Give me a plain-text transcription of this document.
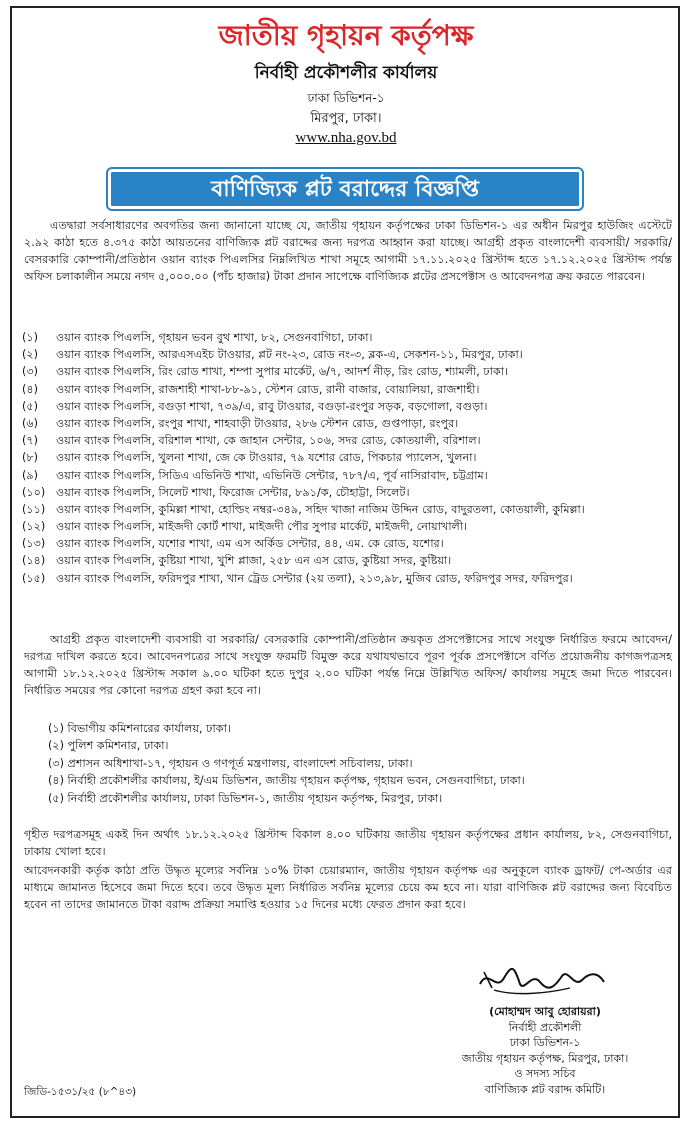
জাতীয় গৃহায়ন কর্তৃপক্ষ
নির্বাহী প্রকৌশলীর কার্যালয়
ঢাকা ডিভিশন-১
মিরপুর, ঢাকা।
www.nha.gov.bd
বাণিজ্যিক প্লট বরাদ্দের বিজ্ঞপ্তি

এতদ্বারা সর্বসাধারণের অবগতির জন্য জানানো যাচ্ছে যে, জাতীয় গৃহায়ন কর্তৃপক্ষের ঢাকা ডিভিশন-১ এর অধীন মিরপুর হাউজিং এস্টেটে ২.৯২ কাঠা হতে ৪.৩৭৫ কাঠা আয়তনের বাণিজ্যিক প্লট বরাদ্দের জন্য দরপত্র আহ্বান করা যাচ্ছে। আগ্রহী প্রকৃত বাংলাদেশী ব্যবসায়ী/ সরকারি/ বেসরকারি কোম্পানী/প্রতিষ্ঠান ওয়ান ব্যাংক পিএলসির নিম্নলিখিত শাখা সমূহে আগামী ১৭.১১.২০২৫ খ্রিস্টাব্দ হতে ১৭.১২.২০২৫ খ্রিস্টাব্দ পর্যন্ত অফিস চলাকালীন সময়ে নগদ ৫,০০০.০০ (পাঁচ হাজার) টাকা প্রদান সাপেক্ষে বাণিজ্যিক প্লটের প্রসপেক্টাস ও আবেদনপত্র ক্রয় করতে পারবেন।

(১) ওয়ান ব্যাংক পিএলসি, গৃহায়ন ভবন বুথ শাখা, ৮২, সেগুনবাগিচা, ঢাকা।
(২) ওয়ান ব্যাংক পিএলসি, আরএসএইচ টাওয়ার, প্লট নং-২৩, রোড নং-৩, ব্লক-এ, সেকশন-১১, মিরপুর, ঢাকা।
(৩) ওয়ান ব্যাংক পিএলসি, রিং রোড শাখা, শম্পা সুপার মার্কেট, ৬/৭, আদর্শ নীড়, রিং রোড, শ্যামলী, ঢাকা।
(৪) ওয়ান ব্যাংক পিএলসি, রাজশাহী শাখা-৮৮-৯১, স্টেশন রোড, রানী বাজার, বোয়ালিয়া, রাজশাহী।
(৫) ওয়ান ব্যাংক পিএলসি, বগুড়া শাখা, ৭৩৯/এ, রাবু টাওয়ার, বগুড়া-রংপুর সড়ক, বড়গোলা, বগুড়া।
(৬) ওয়ান ব্যাংক পিএলসি, রংপুর শাখা, শাহবাড়ী টাওয়ার, ২৮৬ স্টেশন রোড, গুপ্তপাড়া, রংপুর।
(৭) ওয়ান ব্যাংক পিএলসি, বরিশাল শাখা, কে জাহান সেন্টার, ১০৬, সদর রোড, কোতয়ালী, বরিশাল।
(৮) ওয়ান ব্যাংক পিএলসি, খুলনা শাখা, জে কে টাওয়ার, ৭৯ যশোর রোড, পিকচার প্যালেস, খুলনা।
(৯) ওয়ান ব্যাংক পিএলসি, সিডিএ এভিনিউ শাখা, এভিনিউ সেন্টার, ৭৮৭/এ, পূর্ব নাসিরাবাদ, চট্টগ্রাম।
(১০) ওয়ান ব্যাংক পিএলসি, সিলেট শাখা, ফিরোজ সেন্টার, ৮৯১/ক, চৌহাট্টা, সিলেট।
(১১) ওয়ান ব্যাংক পিএলসি, কুমিল্লা শাখা, হোল্ডিং নম্বর-৩৪৯, সহিদ খাজা নাজিম উদ্দিন রোড, বাদুরতলা, কোতয়ালী, কুমিল্লা।
(১২) ওয়ান ব্যাংক পিএলসি, মাইজদী কোর্ট শাখা, মাইজদী পৌর সুপার মার্কেট, মাইজদী, নোয়াখালী।
(১৩) ওয়ান ব্যাংক পিএলসি, যশোর শাখা, এম এস অর্কিড সেন্টার, ৪৪, এম. কে রোড, যশোর।
(১৪) ওয়ান ব্যাংক পিএলসি, কুষ্টিয়া শাখা, খুশি প্লাজা, ২৫৮ এন এস রোড, কুষ্টিয়া সদর, কুষ্টিয়া।
(১৫) ওয়ান ব্যাংক পিএলসি, ফরিদপুর শাখা, খান ট্রেড সেন্টার (২য় তলা), ২১৩,৯৮, মুজিব রোড, ফরিদপুর সদর, ফরিদপুর।

আগ্রহী প্রকৃত বাংলাদেশী ব্যবসায়ী বা সরকারি/ বেসরকারি কোম্পানী/প্রতিষ্ঠান ক্রয়কৃত প্রসপেক্টাসের সাথে সংযুক্ত নির্ধারিত ফরমে আবেদন/দরপত্র দাখিল করতে হবে। আবেদনপত্রের সাথে সংযুক্ত ফরমটি বিমুক্ত করে যথাযথভাবে পূরণ পূর্বক প্রসপেক্টাসে বর্ণিত প্রয়োজনীয় কাগজপত্রসহ আগামী ১৮.১২.২০২৫ খ্রিস্টাব্দ সকাল ৯.০০ ঘটিকা হতে দুপুর ২.০০ ঘটিকা পর্যন্ত নিম্নে উল্লিখিত অফিস/ কার্যালয় সমূহে জমা দিতে পারবেন। নির্ধারিত সময়ের পর কোনো দরপত্র গ্রহণ করা হবে না।

(১) বিভাগীয় কমিশনারের কার্যালয়, ঢাকা।
(২) পুলিশ কমিশনার, ঢাকা।
(৩) প্রশাসন অধিশাখা-১৭, গৃহায়ন ও গণপূর্ত মন্ত্রণালয়, বাংলাদেশ সচিবালয়, ঢাকা।
(৪) নির্বাহী প্রকৌশলীর কার্যালয়, ই/এম ডিভিশন, জাতীয় গৃহায়ন কর্তৃপক্ষ, গৃহায়ন ভবন, সেগুনবাগিচা, ঢাকা।
(৫) নির্বাহী প্রকৌশলীর কার্যালয়, ঢাকা ডিভিশন-১, জাতীয় গৃহায়ন কর্তৃপক্ষ, মিরপুর, ঢাকা।

গৃহীত দরপত্রসমূহ একই দিন অর্থাৎ ১৮.১২.২০২৫ খ্রিস্টাব্দ বিকাল ৪.০০ ঘটিকায় জাতীয় গৃহায়ন কর্তৃপক্ষের প্রধান কার্যালয়, ৮২, সেগুনবাগিচা, ঢাকায় খোলা হবে।

আবেদনকারী কর্তৃক কাঠা প্রতি উদ্ধৃত মূল্যের সর্বনিম্ন ১০% টাকা চেয়ারম্যান, জাতীয় গৃহায়ন কর্তৃপক্ষ এর অনুকূলে ব্যাংক ড্রাফট/ পে-অর্ডার এর মাধ্যমে জামানত হিসেবে জমা দিতে হবে। তবে উদ্ধৃত মূল্য নির্ধারিত সর্বনিম্ন মূল্যের চেয়ে কম হবে না। যারা বাণিজিক প্লট বরাদ্দের জন্য বিবেচিত হবেন না তাদের জামানতে টাকা বরাদ্দ প্রক্রিয়া সমাপ্তি হওয়ার ১৫ দিনের মধ্যে ফেরত প্রদান করা হবে।

(মোহাম্মদ আবু হোরায়রা)
নির্বাহী প্রকৌশলী
ঢাকা ডিভিশন-১
জাতীয় গৃহায়ন কর্তৃপক্ষ, মিরপুর, ঢাকা।
ও সদস্য সচিব
বাণিজ্যিক প্লট বরাদ্দ কমিটি।
জিডি-১৫৩১/২৫ (৮^৪৩)
